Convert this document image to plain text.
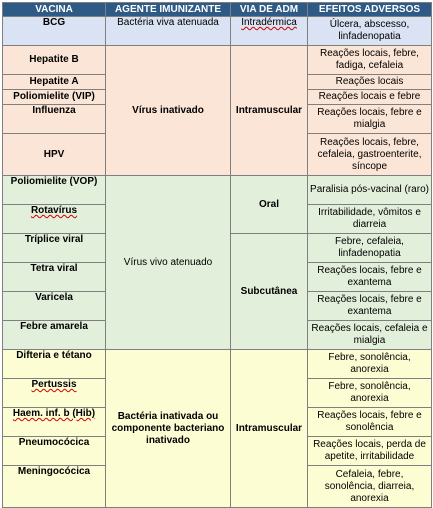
VACINA	AGENTE IMUNIZANTE	VIA DE ADM	EFEITOS ADVERSOS
BCG	Bactéria viva atenuada	Intradérmica	Úlcera, abscesso, linfadenopatia
Hepatite B	Vírus inativado	Intramuscular	Reações locais, febre, fadiga, cefaleia
Hepatite A			Reações locais
Poliomielite (VIP)			Reações locais e febre
Influenza			Reações locais, febre e mialgia
HPV			Reações locais, febre, cefaleia, gastroenterite, síncope
Poliomielite (VOP)	Vírus vivo atenuado	Oral	Paralisia pós-vacinal (raro)
Rotavírus			Irritabilidade, vômitos e diarreia
Tríplice viral		Subcutânea	Febre, cefaleia, linfadenopatia
Tetra viral			Reações locais, febre e exantema
Varicela			Reações locais, febre e exantema
Febre amarela			Reações locais, cefaleia e mialgia
Difteria e tétano	Bactéria inativada ou componente bacteriano inativado	Intramuscular	Febre, sonolência, anorexia
Pertussis			Febre, sonolência, anorexia
Haem. inf. b (Hib)			Reações locais, febre e sonolência
Pneumocócica			Reações locais, perda de apetite, irritabilidade
Meningocócica			Cefaleia, febre, sonolência, diarreia, anorexia
